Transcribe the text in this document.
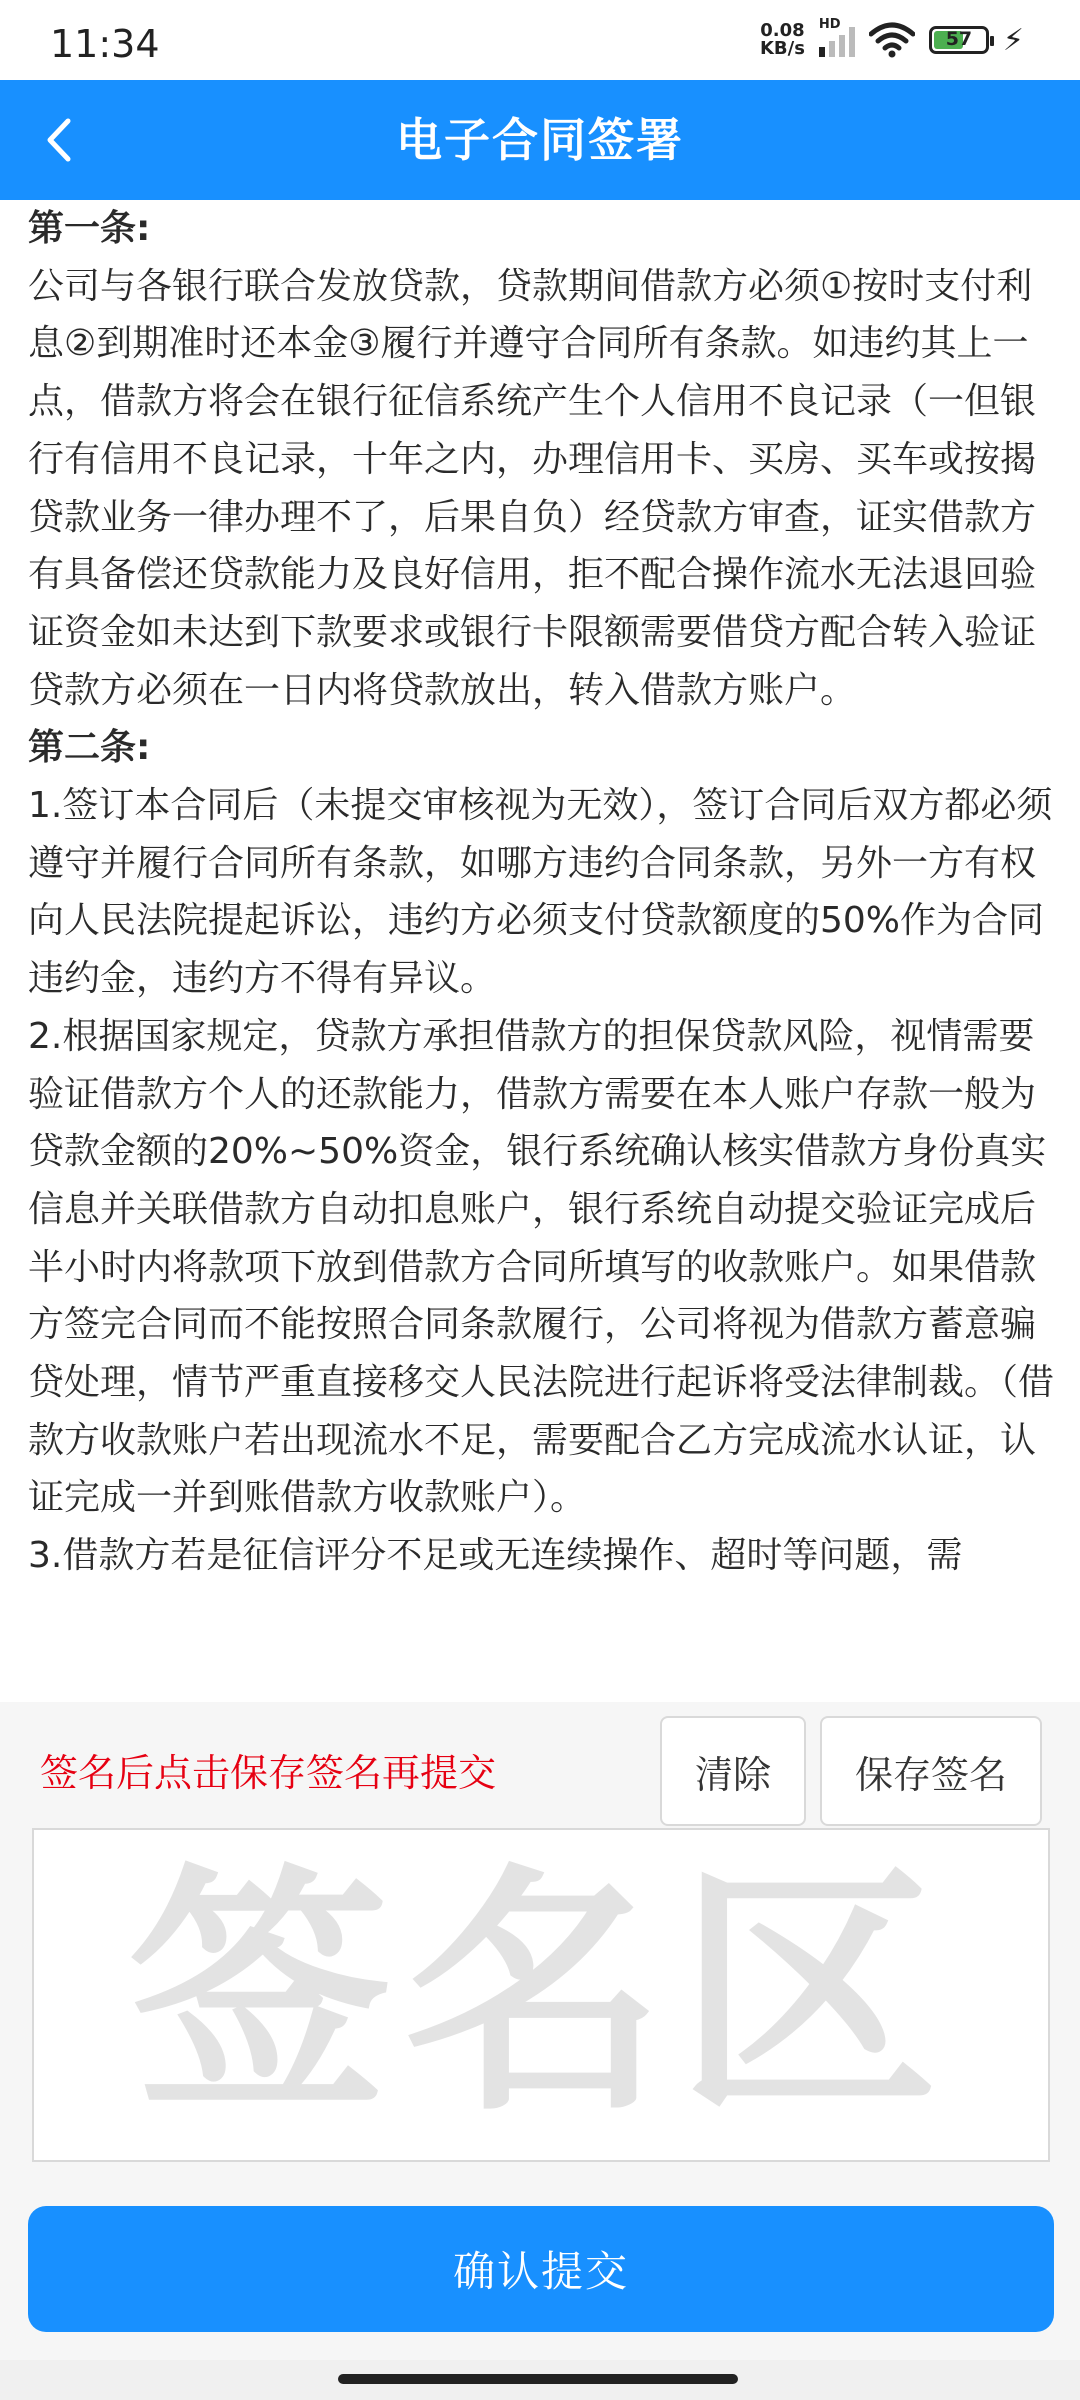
11:34	0.08
KB/s
HD
57	⚡
电子合同签署

第一条:

公司与各银行联合发放贷款，贷款期间借款方必须①按时支付利息②到期准时还本金③履行并遵守合同所有条款。如违约其上一点，借款方将会在银行征信系统产生个人信用不良记录（一但银行有信用不良记录，十年之内，办理信用卡、买房、买车或按揭贷款业务一律办理不了，后果自负）经贷款方审查，证实借款方有具备偿还贷款能力及良好信用，拒不配合操作流水无法退回验证资金如未达到下款要求或银行卡限额需要借贷方配合转入验证贷款方必须在一日内将贷款放出，转入借款方账户。

第二条:

1.签订本合同后（未提交审核视为无效），签订合同后双方都必须遵守并履行合同所有条款，如哪方违约合同条款，另外一方有权向人民法院提起诉讼，违约方必须支付贷款额度的50%作为合同违约金，违约方不得有异议。

2.根据国家规定，贷款方承担借款方的担保贷款风险，视情需要验证借款方个人的还款能力，借款方需要在本人账户存款一般为贷款金额的20%~50%资金，银行系统确认核实借款方身份真实信息并关联借款方自动扣息账户，银行系统自动提交验证完成后半小时内将款项下放到借款方合同所填写的收款账户。如果借款方签完合同而不能按照合同条款履行，公司将视为借款方蓄意骗贷处理，情节严重直接移交人民法院进行起诉将受法律制裁。（借款方收款账户若出现流水不足，需要配合乙方完成流水认证，认证完成一并到账借款方收款账户）。

3.借款方若是征信评分不足或无连续操作、超时等问题，需

签名后点击保存签名再提交	清除	保存签名
签名区
确认提交
